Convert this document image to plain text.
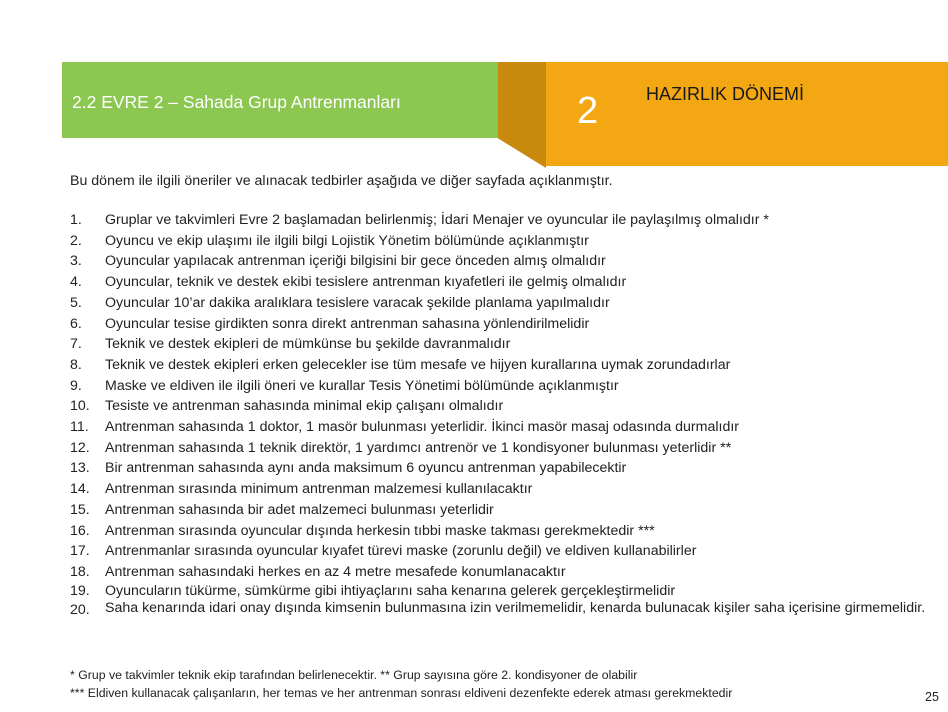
2.2 EVRE 2 – Sahada Grup Antrenmanları	2	HAZIRLIK DÖNEMİ
Bu dönem ile ilgili öneriler ve alınacak tedbirler aşağıda ve diğer sayfada açıklanmıştır.
1. Gruplar ve takvimleri Evre 2 başlamadan belirlenmiş; İdari Menajer ve oyuncular ile paylaşılmış olmalıdır *
2. Oyuncu ve ekip ulaşımı ile ilgili bilgi Lojistik Yönetim bölümünde açıklanmıştır
3. Oyuncular yapılacak antrenman içeriği bilgisini bir gece önceden almış olmalıdır
4. Oyuncular, teknik ve destek ekibi tesislere antrenman kıyafetleri ile gelmiş olmalıdır
5. Oyuncular 10’ar dakika aralıklara tesislere varacak şekilde planlama yapılmalıdır
6. Oyuncular tesise girdikten sonra direkt antrenman sahasına yönlendirilmelidir
7. Teknik ve destek ekipleri de mümkünse bu şekilde davranmalıdır
8. Teknik ve destek ekipleri erken gelecekler ise tüm mesafe ve hijyen kurallarına uymak zorundadırlar
9. Maske ve eldiven ile ilgili öneri ve kurallar Tesis Yönetimi bölümünde açıklanmıştır
10. Tesiste ve antrenman sahasında minimal ekip çalışanı olmalıdır
11. Antrenman sahasında 1 doktor, 1 masör bulunması yeterlidir. İkinci masör masaj odasında durmalıdır
12. Antrenman sahasında 1 teknik direktör, 1 yardımcı antrenör ve 1 kondisyoner bulunması yeterlidir **
13. Bir antrenman sahasında aynı anda maksimum 6 oyuncu antrenman yapabilecektir
14. Antrenman sırasında minimum antrenman malzemesi kullanılacaktır
15. Antrenman sahasında bir adet malzemeci bulunması yeterlidir
16. Antrenman sırasında oyuncular dışında herkesin tıbbi maske takması gerekmektedir ***
17. Antrenmanlar sırasında oyuncular kıyafet türevi maske (zorunlu değil) ve eldiven kullanabilirler
18. Antrenman sahasındaki herkes en az 4 metre mesafede konumlanacaktır
19. Oyuncuların tükürme, sümkürme gibi ihtiyaçlarını saha kenarına gelerek gerçekleştirmelidir
20. Saha kenarında idari onay dışında kimsenin bulunmasına izin verilmemelidir, kenarda bulunacak kişiler saha içerisine girmemelidir.
* Grup ve takvimler teknik ekip tarafından belirlenecektir. ** Grup sayısına göre 2. kondisyoner de olabilir
*** Eldiven kullanacak çalışanların, her temas ve her antrenman sonrası eldiveni dezenfekte ederek atması gerekmektedir	25
